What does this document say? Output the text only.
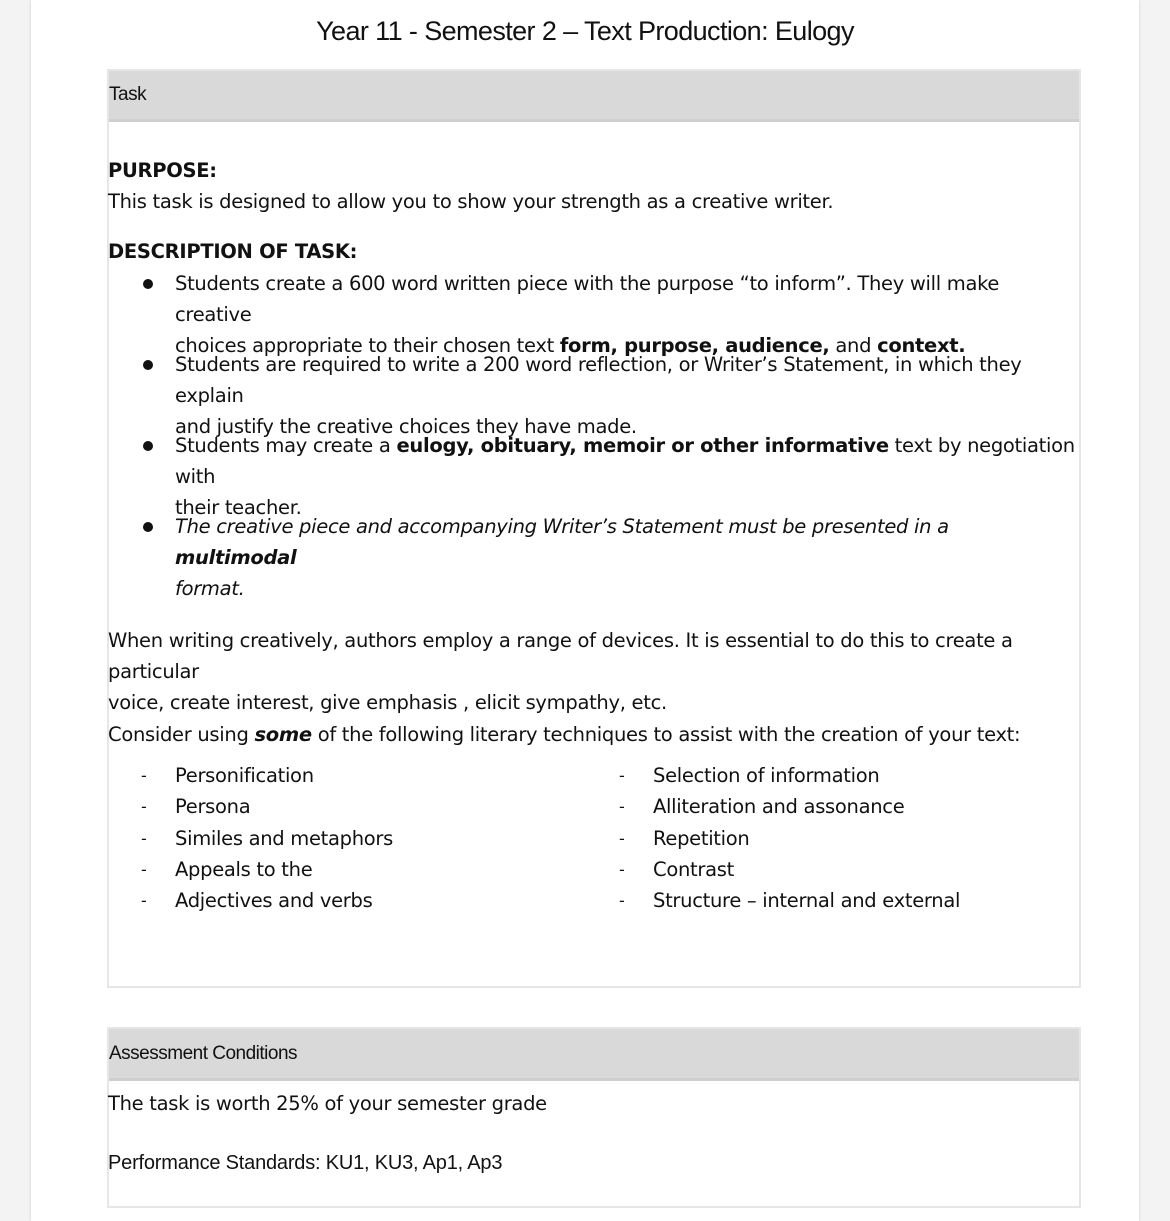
Year 11 - Semester 2 – Text Production: Eulogy
Task
PURPOSE:
This task is designed to allow you to show your strength as a creative writer.
DESCRIPTION OF TASK:
Students create a 600 word written piece with the purpose “to inform”. They will make creative
choices appropriate to their chosen text form, purpose, audience, and context.
Students are required to write a 200 word reflection, or Writer’s Statement, in which they explain
and justify the creative choices they have made.
Students may create a eulogy, obituary, memoir or other informative text by negotiation with
their teacher.
The creative piece and accompanying Writer’s Statement must be presented in a multimodal
format.
When writing creatively, authors employ a range of devices. It is essential to do this to create a particular
voice, create interest, give emphasis , elicit sympathy, etc.
Consider using some of the following literary techniques to assist with the creation of your text:
- Personification
- Persona
- Similes and metaphors
- Appeals to the
- Adjectives and verbs
- Selection of information
- Alliteration and assonance
- Repetition
- Contrast
- Structure – internal and external
Assessment Conditions
The task is worth 25% of your semester grade
Performance Standards: KU1, KU3, Ap1, Ap3
